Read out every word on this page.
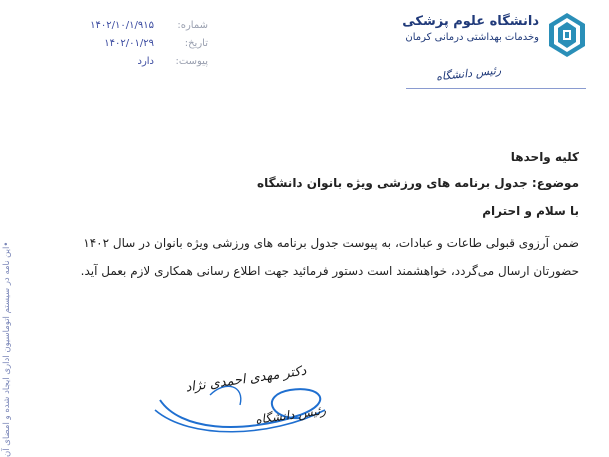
شماره:
۱۴۰۲/۱۰/۱/۹۱۵
تاریخ:
۱۴۰۲/۰۱/۲۹
پیوست:
دارد
دانشگاه علوم پزشکی
وخدمات بهداشتی درمانی کرمان
رئیس دانشگاه
کلیه واحدها
موضوع: جدول برنامه های ورزشی ویژه بانوان دانشگاه
با سلام و احترام
ضمن آرزوی قبولی طاعات و عبادات، به پیوست جدول برنامه های ورزشی ویژه بانوان در سال ۱۴۰۲
حضورتان ارسال می‌گردد، خواهشمند است دستور فرمائید جهت اطلاع رسانی همکاری لازم بعمل آید.
•این نامه در سیستم اتوماسیون اداری ایجاد شده و امضای آن	دکتر مهدی احمدی نژاد
رئیس دانشگاه
